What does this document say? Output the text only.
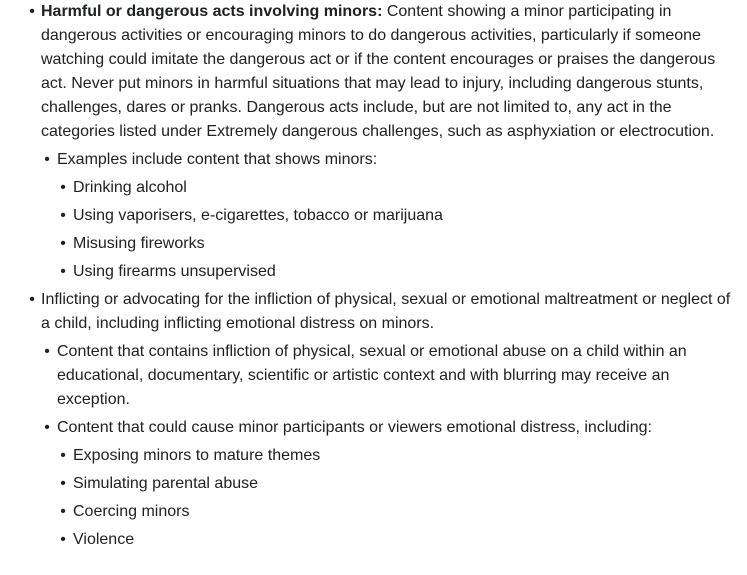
• Harmful or dangerous acts involving minors: Content showing a minor participating in dangerous activities or encouraging minors to do dangerous activities, particularly if someone watching could imitate the dangerous act or if the content encourages or praises the dangerous act. Never put minors in harmful situations that may lead to injury, including dangerous stunts, challenges, dares or pranks. Dangerous acts include, but are not limited to, any act in the categories listed under Extremely dangerous challenges, such as asphyxiation or electrocution.
• Examples include content that shows minors:
• Drinking alcohol
• Using vaporisers, e-cigarettes, tobacco or marijuana
• Misusing fireworks
• Using firearms unsupervised
• Inflicting or advocating for the infliction of physical, sexual or emotional maltreatment or neglect of a child, including inflicting emotional distress on minors.
• Content that contains infliction of physical, sexual or emotional abuse on a child within an educational, documentary, scientific or artistic context and with blurring may receive an exception.
• Content that could cause minor participants or viewers emotional distress, including:
• Exposing minors to mature themes
• Simulating parental abuse
• Coercing minors
• Violence
